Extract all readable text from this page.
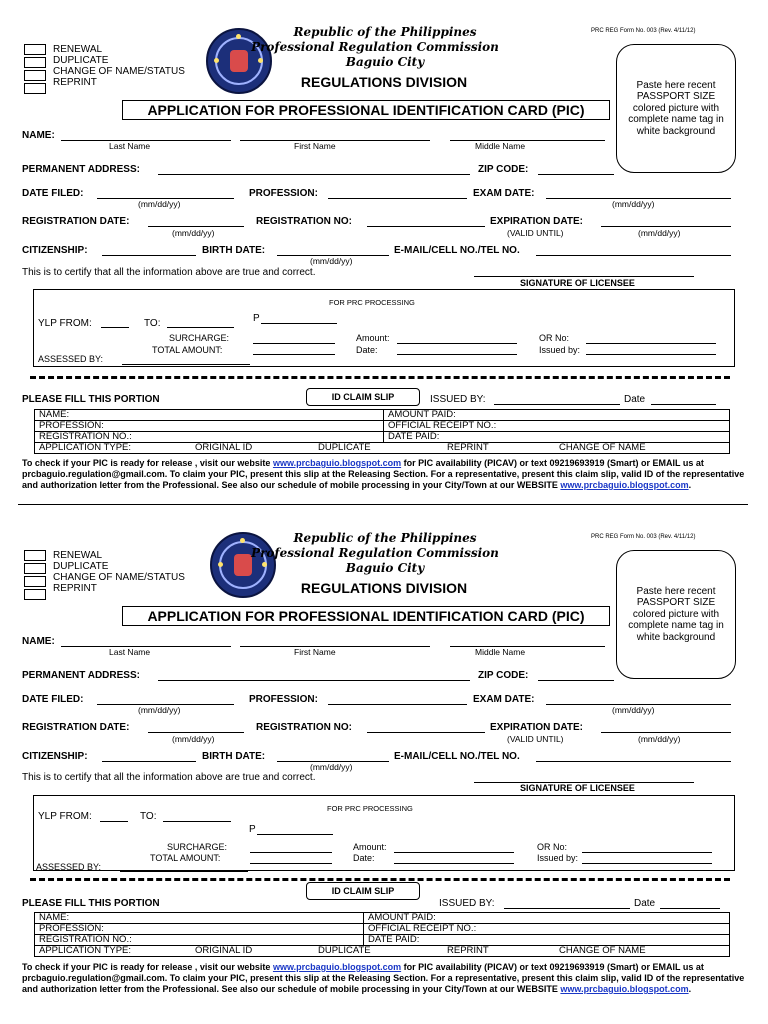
RENEWAL
DUPLICATE
CHANGE OF NAME/STATUS
REPRINT
Republic of the Philippines
Professional Regulation Commission
Baguio City
PRC REG Form No. 003 (Rev. 4/11/12)
REGULATIONS DIVISION	Paste here recent PASSPORT SIZE colored picture with complete name tag in white background
APPLICATION FOR PROFESSIONAL IDENTIFICATION CARD (PIC)
NAME:
Last Name	First Name	Middle Name
PERMANENT ADDRESS:	ZIP CODE:
DATE FILED:
(mm/dd/yy)
PROFESSION:	EXAM DATE:
(mm/dd/yy)
REGISTRATION DATE:
(mm/dd/yy)
REGISTRATION NO:	EXPIRATION DATE:
(VALID UNTIL)	(mm/dd/yy)
CITIZENSHIP:	BIRTH DATE:
(mm/dd/yy)
E-MAIL/CELL NO./TEL NO.
This is to certify that all the information above are true and correct.
SIGNATURE OF LICENSEE
FOR PRC PROCESSING
YLP FROM:	TO:	P
SURCHARGE:
TOTAL AMOUNT:
Amount:
Date:
OR No:
Issued by:
ASSESSED BY:
PLEASE FILL THIS PORTION	ID CLAIM SLIP	ISSUED BY:	Date
NAME:	AMOUNT PAID:
PROFESSION:	OFFICIAL RECEIPT NO.:
REGISTRATION NO.:	DATE PAID:

APPLICATION TYPE: ORIGINAL ID DUPLICATE REPRINT CHANGE OF NAME	
To check if your PIC is ready for release , visit our website www.prcbaguio.blogspot.com for PIC availability (PICAV) or text 09219693919 (Smart) or EMAIL us at prcbaguio.regulation@gmail.com. To claim your PIC, present this slip at the Releasing Section. For a representative, present this claim slip, valid ID of the representative and authorization letter from the Professional. See also our schedule of mobile processing in your City/Town at our WEBSITE www.prcbaguio.blogspot.com.
RENEWAL
DUPLICATE
CHANGE OF NAME/STATUS
REPRINT
Republic of the Philippines
Professional Regulation Commission
Baguio City
PRC REG Form No. 003 (Rev. 4/11/12)
REGULATIONS DIVISION	Paste here recent PASSPORT SIZE colored picture with complete name tag in white background
APPLICATION FOR PROFESSIONAL IDENTIFICATION CARD (PIC)
NAME:
Last Name	First Name	Middle Name
PERMANENT ADDRESS:	ZIP CODE:
DATE FILED:
(mm/dd/yy)
PROFESSION:	EXAM DATE:
(mm/dd/yy)
REGISTRATION DATE:
(mm/dd/yy)
REGISTRATION NO:	EXPIRATION DATE:
(VALID UNTIL)	(mm/dd/yy)
CITIZENSHIP:	BIRTH DATE:
(mm/dd/yy)
E-MAIL/CELL NO./TEL NO.
This is to certify that all the information above are true and correct.
SIGNATURE OF LICENSEE
FOR PRC PROCESSING
YLP FROM:	TO:
P
SURCHARGE:
TOTAL AMOUNT:
Amount:
Date:
OR No:
Issued by:
ASSESSED BY:
PLEASE FILL THIS PORTION
ID CLAIM SLIP
ISSUED BY:	Date
NAME:	AMOUNT PAID:
PROFESSION:	OFFICIAL RECEIPT NO.:
REGISTRATION NO.:	DATE PAID:

APPLICATION TYPE: ORIGINAL ID DUPLICATE REPRINT CHANGE OF NAME	
To check if your PIC is ready for release , visit our website www.prcbaguio.blogspot.com for PIC availability (PICAV) or text 09219693919 (Smart) or EMAIL us at prcbaguio.regulation@gmail.com. To claim your PIC, present this slip at the Releasing Section. For a representative, present this claim slip, valid ID of the representative and authorization letter from the Professional. See also our schedule of mobile processing in your City/Town at our WEBSITE www.prcbaguio.blogspot.com.
